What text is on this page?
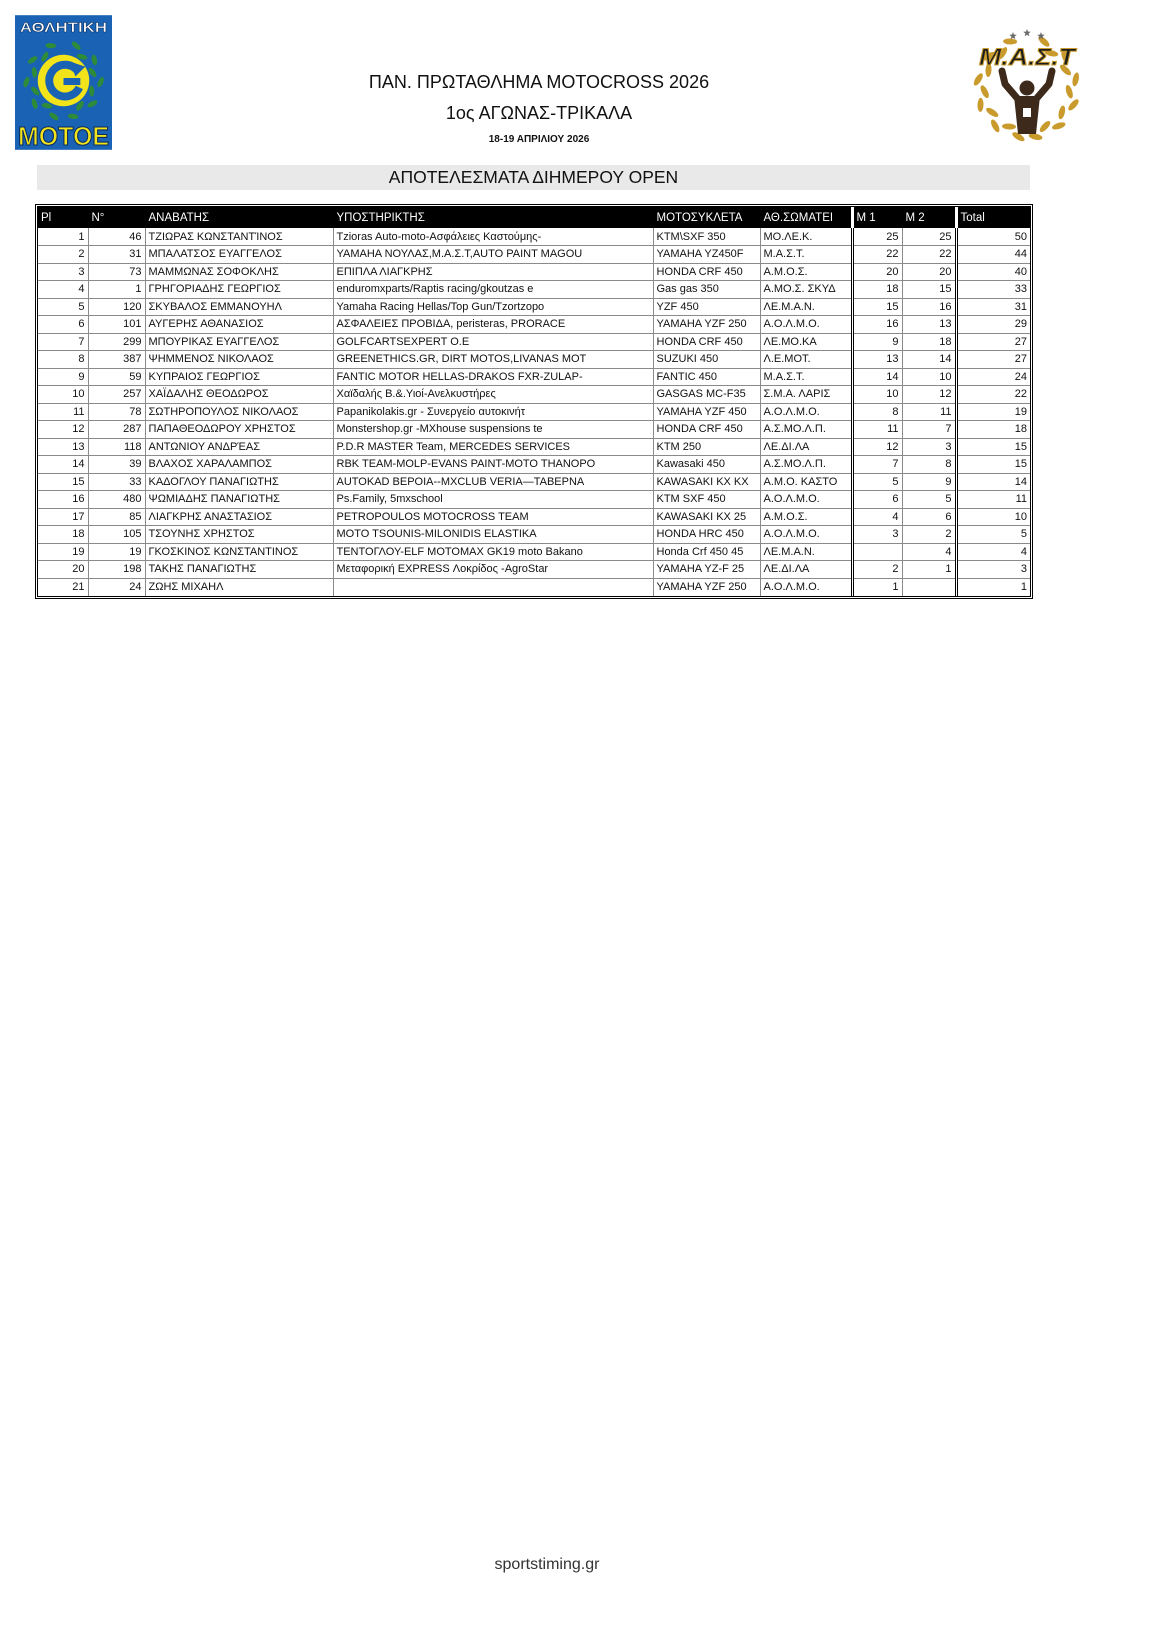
ΑΘΛΗΤΙΚΗ
ΜΟΤΟΕ
ΠΑΝ. ΠΡΩΤΑΘΛΗΜΑ MOTOCROSS 2026
1ος ΑΓΩΝΑΣ-ΤΡΙΚΑΛΑ
18-19 ΑΠΡΙΛΙΟΥ 2026
Μ.Α.Σ.Τ
ΑΠΟΤΕΛΕΣΜΑΤΑ ΔΙΗΜΕΡΟΥ OPEN
Pl	N°	ΑΝΑΒΑΤΗΣ	ΥΠΟΣΤΗΡΙΚΤΗΣ	ΜΟΤΟΣΥΚΛΕΤΑ	ΑΘ.ΣΩΜΑΤΕΙ	M 1	M 2	Total
1	46	ΤΖΙΩΡΑΣ ΚΩΝΣΤΑΝΤΊΝΟΣ	Tzioras Auto-moto-Ασφάλειες Καστούμης-	KTM\SXF 350	ΜΟ.ΛΕ.Κ.	25	25	50
2	31	ΜΠΑΛΑΤΣΟΣ ΕΥΑΓΓΕΛΟΣ	YAMAHA ΝΟΥΛΑΣ,Μ.Α.Σ.Τ,AUTO PAINT MAGOU	YAMAHA YZ450F	Μ.Α.Σ.Τ.	22	22	44
3	73	ΜΑΜΜΩΝΑΣ ΣΟΦΟΚΛΗΣ	ΕΠΙΠΛΑ ΛΙΑΓΚΡΗΣ	HONDA CRF 450	Α.Μ.Ο.Σ.	20	20	40
4	1	ΓΡΗΓΟΡΙΑΔΗΣ ΓΕΩΡΓΙΟΣ	enduromxparts/Raptis racing/gkoutzas e	Gas gas 350	Α.ΜΟ.Σ. ΣΚΥΔ	18	15	33
5	120	ΣΚΥΒΑΛΟΣ ΕΜΜΑΝΟΥΗΛ	Yamaha Racing Hellas/Top Gun/Tzortzopo	YZF 450	ΛΕ.Μ.Α.Ν.	15	16	31
6	101	ΑΥΓΕΡΗΣ ΑΘΑΝΑΣΙΟΣ	ΑΣΦΑΛΕΙΕΣ ΠΡΟΒΙΔΑ, peristeras, PRORACE	YAMAHA YZF 250	Α.Ο.Λ.Μ.Ο.	16	13	29
7	299	ΜΠΟΥΡΙΚΑΣ ΕΥΑΓΓΕΛΟΣ	GOLFCARTSEXPERT O.E	HONDA CRF 450	ΛΕ.ΜΟ.ΚΑ	9	18	27
8	387	ΨΗΜΜΕΝΟΣ ΝΙΚΟΛΑΟΣ	GREENETHICS.GR, DIRT MOTOS,LIVANAS MOT	SUZUKI 450	Λ.Ε.ΜΟΤ.	13	14	27
9	59	ΚΥΠΡΑΙΟΣ ΓΕΩΡΓΙΟΣ	FANTIC MOTOR HELLAS-DRAKOS FXR-ZULAP-	FANTIC 450	Μ.Α.Σ.Τ.	14	10	24
10	257	ΧΑΪΔΑΛΗΣ ΘΕΟΔΩΡΟΣ	Χαϊδαλής Β.&.Υιοί-Ανελκυστήρες	GASGAS MC-F35	Σ.Μ.Α. ΛΑΡΙΣ	10	12	22
11	78	ΣΩΤΗΡΟΠΟΥΛΟΣ ΝΙΚΟΛΑΟΣ	Papanikolakis.gr - Συνεργείο αυτοκινήτ	YAMAHA YZF 450	Α.Ο.Λ.Μ.Ο.	8	11	19
12	287	ΠΑΠΑΘΕΟΔΩΡΟΥ ΧΡΗΣΤΟΣ	Monstershop.gr -MXhouse suspensions te	HONDA CRF 450	Α.Σ.ΜΟ.Λ.Π.	11	7	18
13	118	ΑΝΤΩΝΙΟΥ ΑΝΔΡΈΑΣ	P.D.R MASTER Team, MERCEDES SERVICES	KTM 250	ΛΕ.ΔΙ.ΛΑ	12	3	15
14	39	ΒΛΑΧΟΣ ΧΑΡΑΛΑΜΠΟΣ	RBK TEAM-MOLP-EVANS PAINT-MOTO THANOPO	Kawasaki 450	Α.Σ.ΜΟ.Λ.Π.	7	8	15
15	33	ΚΑΔΟΓΛΟΥ ΠΑΝΑΓΙΩΤΗΣ	AUTOKAD ΒΕΡΟΙΑ--MXCLUB VERIA—ΤΑΒΕΡΝΑ	KAWASAKI KX KX	Α.Μ.Ο. ΚΑΣΤΟ	5	9	14
16	480	ΨΩΜΙΑΔΗΣ ΠΑΝΑΓΙΩΤΗΣ	Ps.Family, 5mxschool	KTM SXF 450	Α.Ο.Λ.Μ.Ο.	6	5	11
17	85	ΛΙΑΓΚΡΗΣ ΑΝΑΣΤΑΣΙΟΣ	PETROPOULOS MOTOCROSS TEAM	KAWASAKI KX 25	Α.Μ.Ο.Σ.	4	6	10
18	105	ΤΣΟΥΝΗΣ ΧΡΗΣΤΟΣ	MOTO TSOUNIS-MILONIDIS ELASTIKA	HONDA HRC 450	Α.Ο.Λ.Μ.Ο.	3	2	5
19	19	ΓΚΟΣΚΙΝΟΣ ΚΩΝΣΤΑΝΤΙΝΟΣ	ΤΕΝΤΟΓΛΟΥ-ELF MOTOMAX GK19 moto Bakano	Honda Crf 450 45	ΛΕ.Μ.Α.Ν.		4	4
20	198	ΤΑΚΗΣ ΠΑΝΑΓΙΩΤΗΣ	Μεταφορική EXPRESS Λοκρίδος -AgroStar	YAMAHA YZ-F 25	ΛΕ.ΔΙ.ΛΑ	2	1	3
21	24	ΖΩΗΣ ΜΙΧΑΗΛ		YAMAHA YZF 250	Α.Ο.Λ.Μ.Ο.	1		1
sportstiming.gr
